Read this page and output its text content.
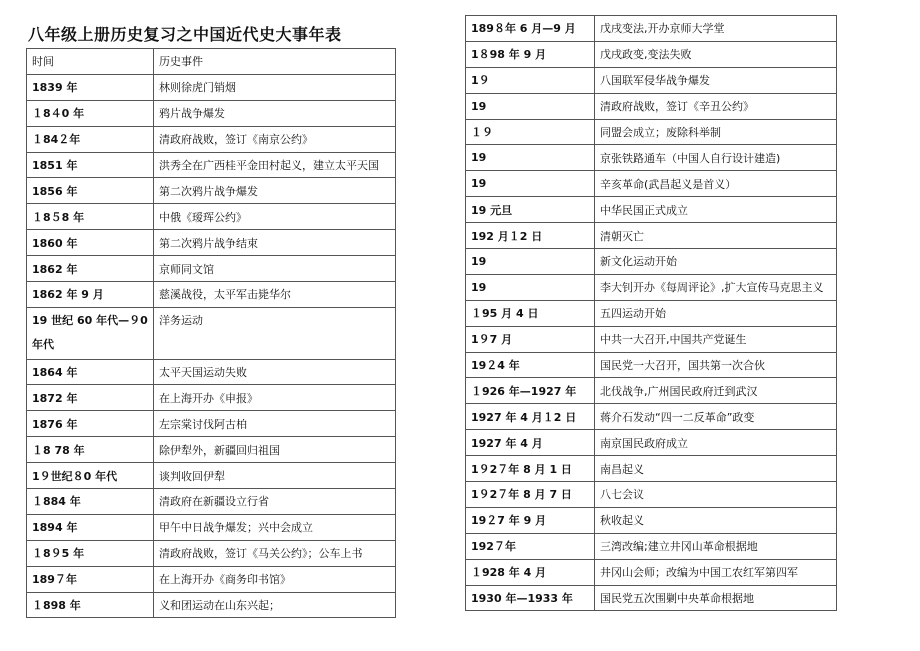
八年级上册历史复习之中国近代史大事年表
时间	历史事件
1839 年	林则徐虎门销烟
１8４0 年	鸦片战争爆发
１84２年	清政府战败，签订《南京公约》
1851 年	洪秀全在广西桂平金田村起义，建立太平天国
1856 年	第二次鸦片战争爆发
１8５8 年	中俄《瑷珲公约》
1860 年	第二次鸦片战争结束
1862 年	京师同文馆
1862 年 9 月	慈溪战役，太平军击毙华尔
19 世纪 60 年代—９0 年代	洋务运动
1864 年	太平天国运动失败
1872 年	在上海开办《申报》
1876 年	左宗棠讨伐阿古柏
１8 78 年	除伊犁外，新疆回归祖国
1９世纪８0 年代	谈判收回伊犁
１884 年	清政府在新疆设立行省
1894 年	甲午中日战争爆发；兴中会成立
１8９5 年	清政府战败，签订《马关公约》；公车上书
189７年	在上海开办《商务印书馆》
１898 年	义和团运动在山东兴起；
189８年 6 月—9 月	戊戌变法,开办京师大学堂
1８98 年 9 月	戊戌政变,变法失败
1９	八国联军侵华战争爆发
19	清政府战败，签订《辛丑公约》
１９	同盟会成立；废除科举制
19	京张铁路通车（中国人自行设计建造)
19	辛亥革命(武昌起义是首义）
19 元旦	中华民国正式成立
192 月１2 日	清朝灭亡
19	新文化运动开始
19	李大钊开办《每周评论》,扩大宣传马克思主义
１95 月 4 日	五四运动开始
1９7 月	中共一大召开,中国共产党诞生
19２4 年	国民党一大召开，国共第一次合伙
１926 年—1927 年	北伐战争,广州国民政府迁到武汉
1927 年 4 月１2 日	蒋介石发动“四一二反革命”政变
1927 年 4 月	南京国民政府成立
1９2７年 8 月 1 日	南昌起义
1９2７年 8 月 7 日	八七会议
19２7 年 9 月	秋收起义
192７年	三湾改编;建立井冈山革命根据地
１928 年 4 月	井冈山会师；改编为中国工农红军第四军
1930 年—1933 年	国民党五次围剿中央革命根据地
